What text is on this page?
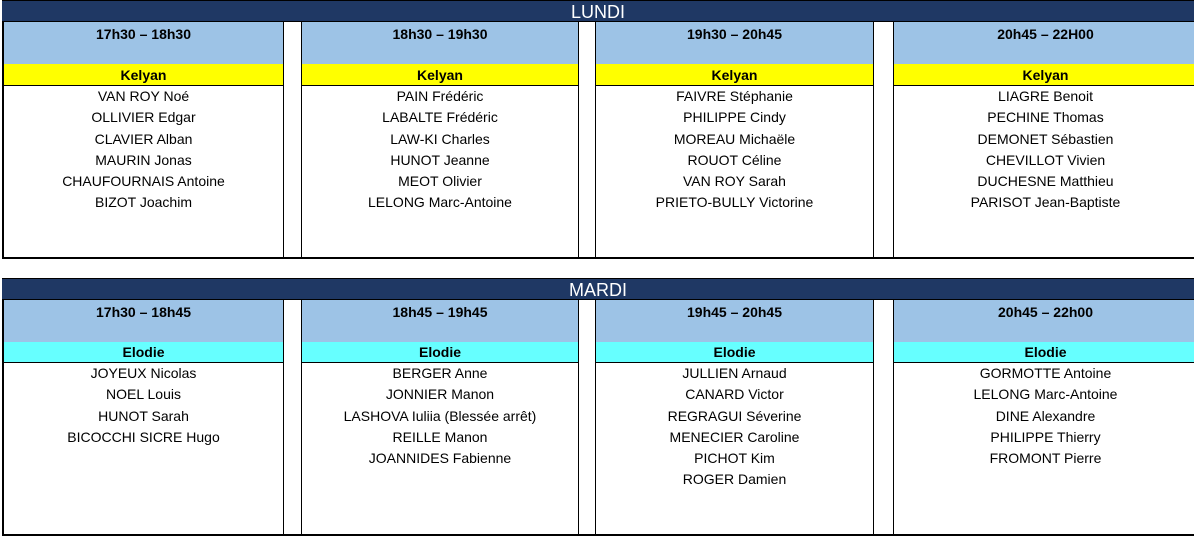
LUNDI
17h30 – 18h30
Kelyan
VAN ROY Noé
OLLIVIER Edgar
CLAVIER Alban
MAURIN Jonas
CHAUFOURNAIS Antoine
BIZOT Joachim
18h30 – 19h30
Kelyan
PAIN Frédéric
LABALTE Frédéric
LAW-KI Charles
HUNOT Jeanne
MEOT Olivier
LELONG Marc-Antoine
19h30 – 20h45
Kelyan
FAIVRE Stéphanie
PHILIPPE Cindy
MOREAU Michaële
ROUOT Céline
VAN ROY Sarah
PRIETO-BULLY Victorine
20h45 – 22H00
Kelyan
LIAGRE Benoit
PECHINE Thomas
DEMONET Sébastien
CHEVILLOT Vivien
DUCHESNE Matthieu
PARISOT Jean-Baptiste
MARDI
17h30 – 18h45
Elodie
JOYEUX Nicolas
NOEL Louis
HUNOT Sarah
BICOCCHI SICRE Hugo
18h45 – 19h45
Elodie
BERGER Anne
JONNIER Manon
LASHOVA Iuliia (Blessée arrêt)
REILLE Manon
JOANNIDES Fabienne
19h45 – 20h45
Elodie
JULLIEN Arnaud
CANARD Victor
REGRAGUI Séverine
MENECIER Caroline
PICHOT Kim
ROGER Damien
20h45 – 22h00
Elodie
GORMOTTE Antoine
LELONG Marc-Antoine
DINE Alexandre
PHILIPPE Thierry
FROMONT Pierre
